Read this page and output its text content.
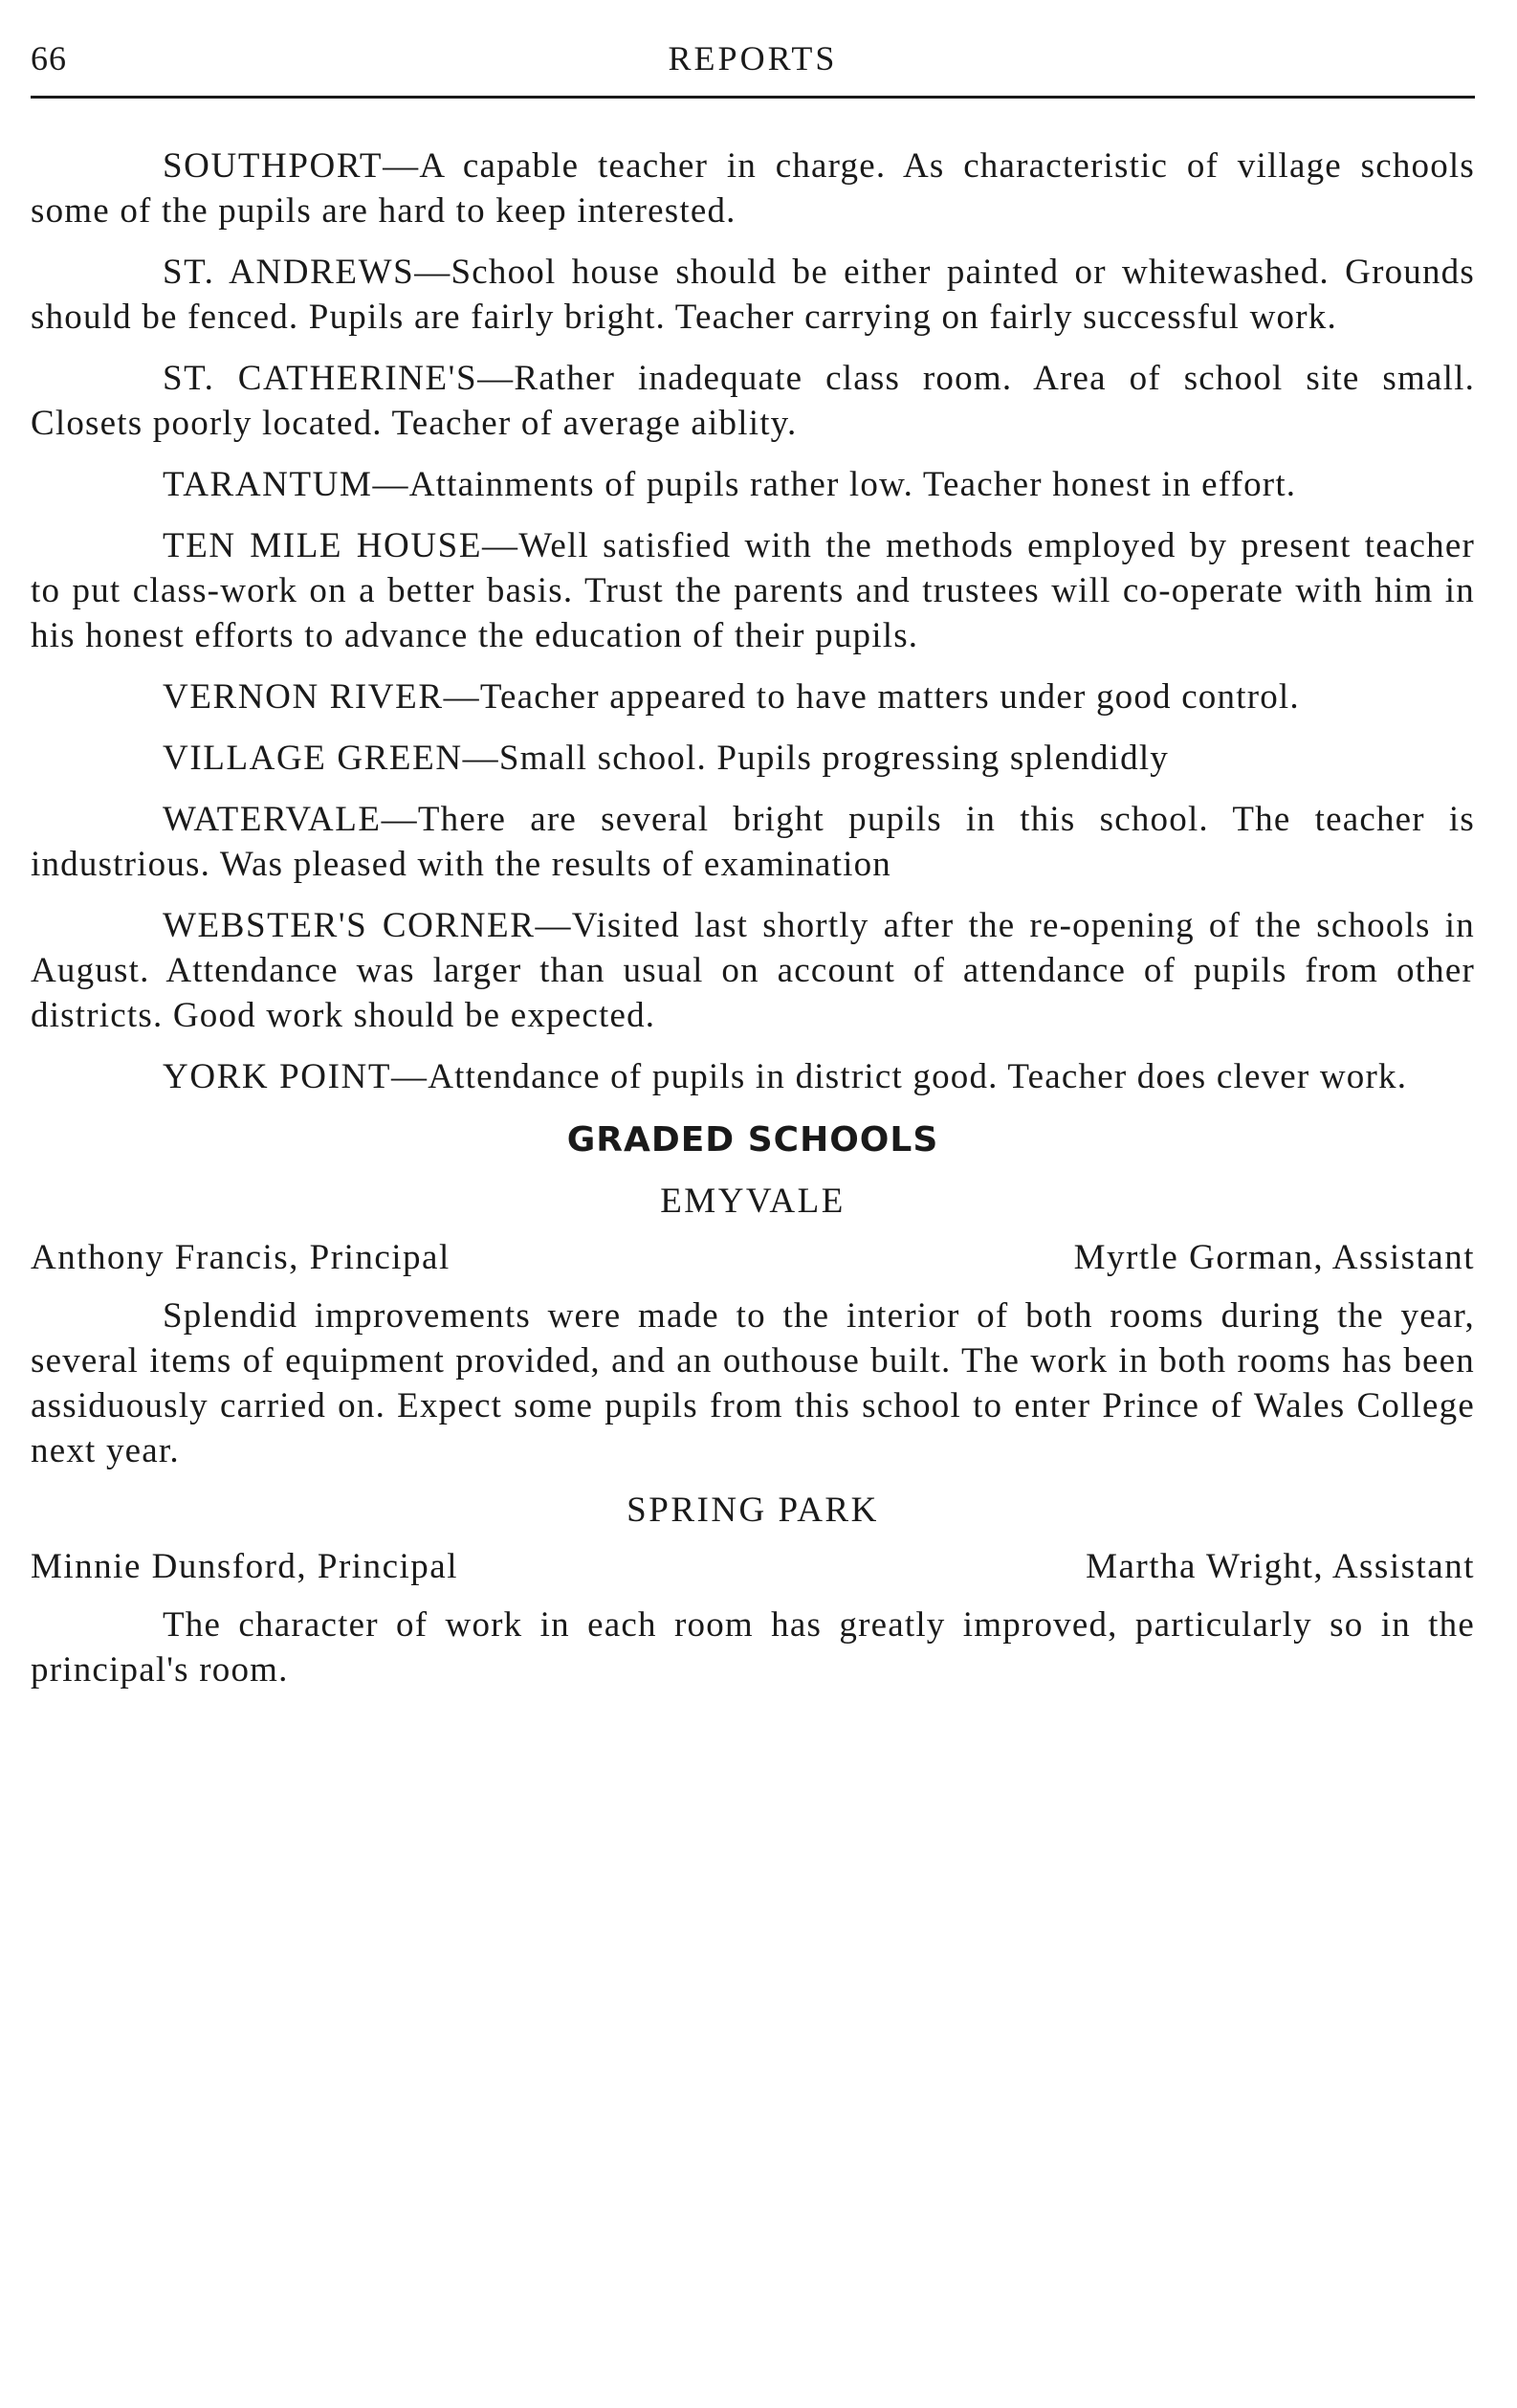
66	REPORTS

SOUTHPORT—A capable teacher in charge. As characteristic of village schools some of the pupils are hard to keep interested.

ST. ANDREWS—School house should be either painted or whitewashed. Grounds should be fenced. Pupils are fairly bright. Teacher carrying on fairly successful work.

ST. CATHERINE'S—Rather inadequate class room. Area of school site small. Closets poorly located. Teacher of average aiblity.

TARANTUM—Attainments of pupils rather low. Teacher honest in effort.

TEN MILE HOUSE—Well satisfied with the methods employed by present teacher to put class-work on a better basis. Trust the parents and trustees will co-operate with him in his honest efforts to advance the education of their pupils.

VERNON RIVER—Teacher appeared to have matters under good control.

VILLAGE GREEN—Small school. Pupils progressing splendidly

WATERVALE—There are several bright pupils in this school. The teacher is industrious. Was pleased with the results of examination

WEBSTER'S CORNER—Visited last shortly after the re-opening of the schools in August. Attendance was larger than usual on account of attendance of pupils from other districts. Good work should be expected.

YORK POINT—Attendance of pupils in district good. Teacher does clever work.

GRADED SCHOOLS
EMYVALE
Anthony Francis, Principal	Myrtle Gorman, Assistant

Splendid improvements were made to the interior of both rooms during the year, several items of equipment provided, and an outhouse built. The work in both rooms has been assiduously carried on. Expect some pupils from this school to enter Prince of Wales College next year.

SPRING PARK
Minnie Dunsford, Principal	Martha Wright, Assistant

The character of work in each room has greatly improved, particularly so in the principal's room.
